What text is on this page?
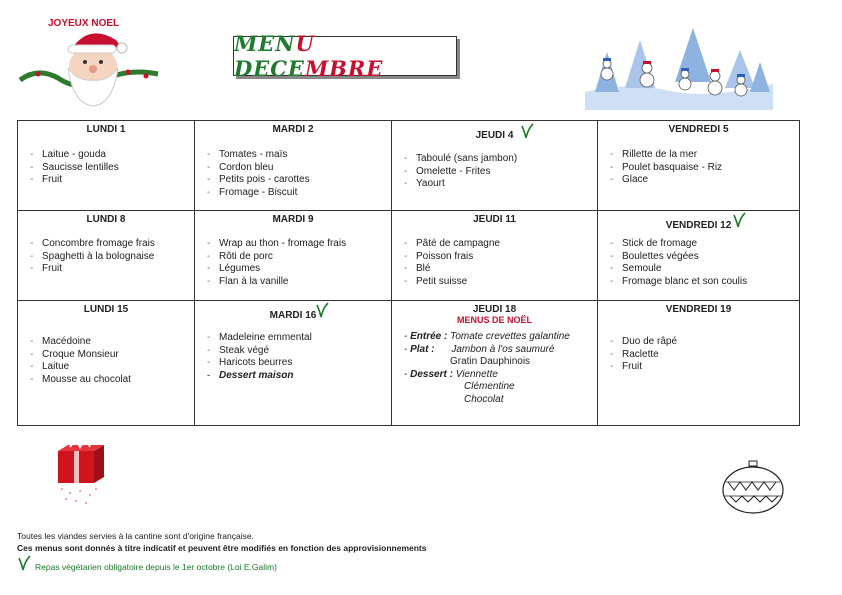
JOYEUX NOEL
MENU DECEMBRE
LUNDI 1
- Laitue - gouda
- Saucisse lentilles
- Fruit
MARDI 2
- Tomates - maïs
- Cordon bleu
- Petits pois - carottes
- Fromage - Biscuit
JEUDI 4
- Taboulé (sans jambon)
- Omelette - Frites
- Yaourt
VENDREDI 5
- Rillette de la mer
- Poulet basquaise - Riz
- Glace
LUNDI 8
- Concombre fromage frais
- Spaghetti à la bolognaise
- Fruit
MARDI 9
- Wrap au thon - fromage frais
- Rôti de porc
- Légumes
- Flan à la vanille
JEUDI 11
- Pâté de campagne
- Poisson frais
- Blé
- Petit suisse
VENDREDI 12
- Stick de fromage
- Boulettes végées
- Semoule
- Fromage blanc et son coulis
LUNDI 15
- Macédoine
- Croque Monsieur
- Laitue
- Mousse au chocolat
MARDI 16
- Madeleine emmental
- Steak végé
- Haricots beurres
- Dessert maison
JEUDI 18
MENUS DE NOËL
- Entrée : Tomate crevettes galantine
- Plat : Jambon à l'os saumuré
Gratin Dauphinois
- Dessert : Viennette
Clémentine
Chocolat
VENDREDI 19
- Duo de râpé
- Raclette
- Fruit
Toutes les viandes servies à la cantine sont d'origine française.
Ces menus sont donnés à titre indicatif et peuvent être modifiés en fonction des approvisionnements
Repas végétarien obligatoire depuis le 1er octobre (Loi E.Galim)
